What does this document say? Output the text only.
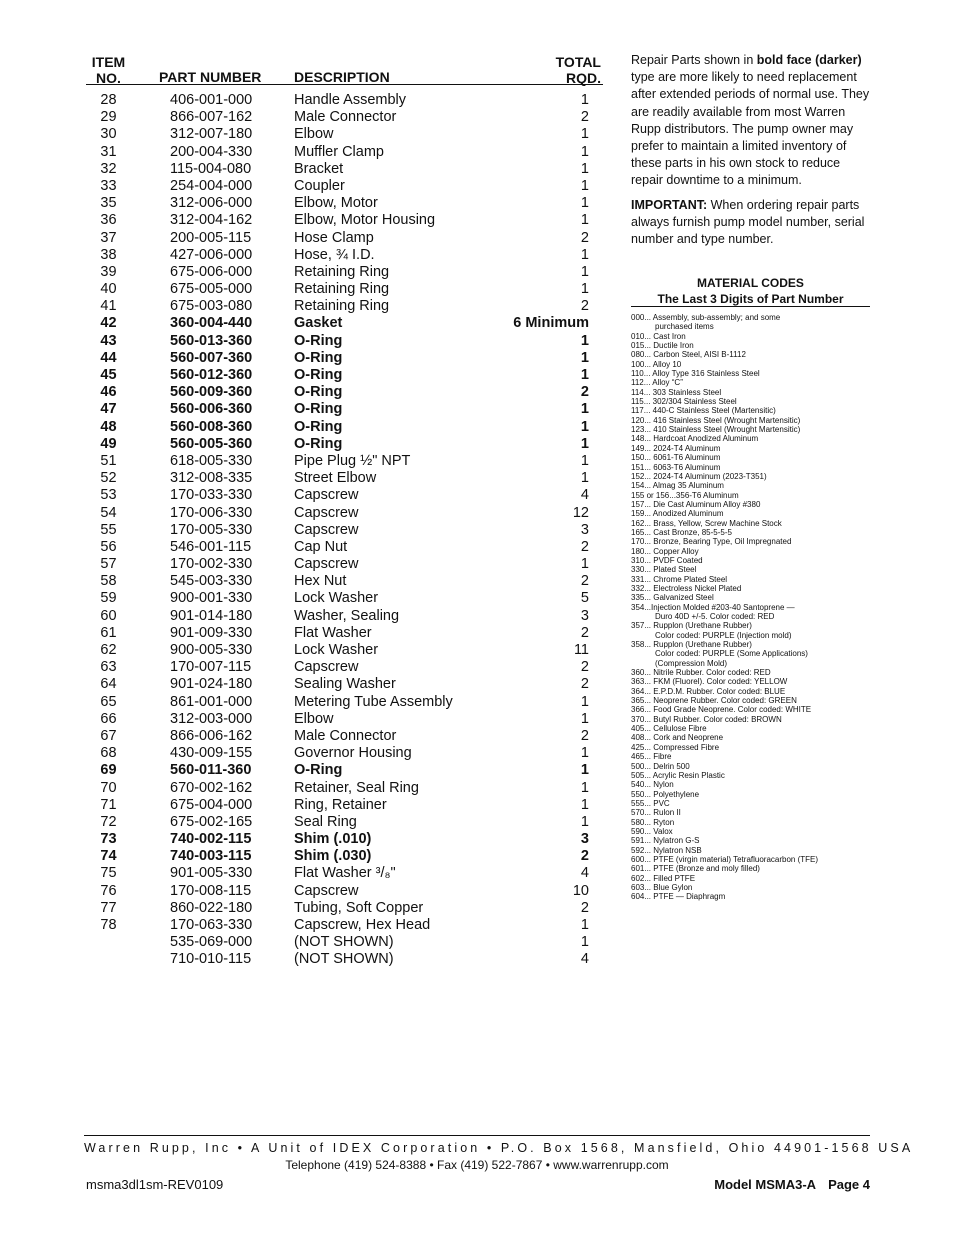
ITEM
NO.	PART NUMBER DESCRIPTION
TOTAL
RQD.
28	406-001-000	Handle Assembly	1
29	866-007-162	Male Connector	2
30	312-007-180	Elbow	1
31	200-004-330	Muffler Clamp	1
32	115-004-080	Bracket	1
33	254-004-000	Coupler	1
35	312-006-000	Elbow, Motor	1
36	312-004-162	Elbow, Motor Housing	1
37	200-005-115	Hose Clamp	2
38	427-006-000	Hose, ¾ I.D.	1
39	675-006-000	Retaining Ring	1
40	675-005-000	Retaining Ring	1
41	675-003-080	Retaining Ring	2
42	360-004-440	Gasket	6 Minimum
43	560-013-360	O-Ring	1
44	560-007-360	O-Ring	1
45	560-012-360	O-Ring	1
46	560-009-360	O-Ring	2
47	560-006-360	O-Ring	1
48	560-008-360	O-Ring	1
49	560-005-360	O-Ring	1
51	618-005-330	Pipe Plug ½" NPT	1
52	312-008-335	Street Elbow	1
53	170-033-330	Capscrew	4
54	170-006-330	Capscrew	12
55	170-005-330	Capscrew	3
56	546-001-115	Cap Nut	2
57	170-002-330	Capscrew	1
58	545-003-330	Hex Nut	2
59	900-001-330	Lock Washer	5
60	901-014-180	Washer, Sealing	3
61	901-009-330	Flat Washer	2
62	900-005-330	Lock Washer	11
63	170-007-115	Capscrew	2
64	901-024-180	Sealing Washer	2
65	861-001-000	Metering Tube Assembly	1
66	312-003-000	Elbow	1
67	866-006-162	Male Connector	2
68	430-009-155	Governor Housing	1
69	560-011-360	O-Ring	1
70	670-002-162	Retainer, Seal Ring	1
71	675-004-000	Ring, Retainer	1
72	675-002-165	Seal Ring	1
73	740-002-115	Shim (.010)	3
74	740-003-115	Shim (.030)	2
75	901-005-330	Flat Washer ³/₈"	4
76	170-008-115	Capscrew	10
77	860-022-180	Tubing, Soft Copper	2
78	170-063-330	Capscrew, Hex Head	1
535-069-000	(NOT SHOWN)	1
710-010-115	(NOT SHOWN)	4

Repair Parts shown in bold face (darker) type are more likely to need replacement after extended periods of normal use. They are readily available from most Warren Rupp distributors. The pump owner may prefer to maintain a limited inventory of these parts in his own stock to reduce repair downtime to a minimum.

IMPORTANT: When ordering repair parts always furnish pump model number, serial number and type number.

MATERIAL CODES
The Last 3 Digits of Part Number
000... Assembly, sub-assembly; and some
purchased items
010... Cast Iron
015... Ductile Iron
080... Carbon Steel, AISI B-1112
100... Alloy 10
110... Alloy Type 316 Stainless Steel
112... Alloy “C”
114... 303 Stainless Steel
115... 302/304 Stainless Steel
117... 440-C Stainless Steel (Martensitic)
120... 416 Stainless Steel (Wrought Martensitic)
123... 410 Stainless Steel (Wrought Martensitic)
148... Hardcoat Anodized Aluminum
149... 2024-T4 Aluminum
150... 6061-T6 Aluminum
151... 6063-T6 Aluminum
152... 2024-T4 Aluminum (2023-T351)
154... Almag 35 Aluminum
155 or 156...356-T6 Aluminum
157... Die Cast Aluminum Alloy #380
159... Anodized Aluminum
162... Brass, Yellow, Screw Machine Stock
165... Cast Bronze, 85-5-5-5
170... Bronze, Bearing Type, Oil Impregnated
180... Copper Alloy
310... PVDF Coated
330... Plated Steel
331... Chrome Plated Steel
332... Electroless Nickel Plated
335... Galvanized Steel
354...Injection Molded #203-40 Santoprene —
Duro 40D +/-5. Color coded: RED
357... Rupplon (Urethane Rubber)
Color coded: PURPLE (Injection mold)
358... Rupplon (Urethane Rubber)
Color coded: PURPLE (Some Applications)
(Compression Mold)
360... Nitrile Rubber. Color coded: RED
363... FKM (Fluorel). Color coded: YELLOW
364... E.P.D.M. Rubber. Color coded: BLUE
365... Neoprene Rubber. Color coded: GREEN
366... Food Grade Neoprene. Color coded: WHITE
370... Butyl Rubber. Color coded: BROWN
405... Cellulose Fibre
408... Cork and Neoprene
425... Compressed Fibre
465... Fibre
500... Delrin 500
505... Acrylic Resin Plastic
540... Nylon
550... Polyethylene
555... PVC
570... Rulon II
580... Ryton
590... Valox
591... Nylatron G-S
592... Nylatron NSB
600... PTFE (virgin material) Tetrafluoracarbon (TFE)
601... PTFE (Bronze and moly filled)
602... Filled PTFE
603... Blue Gylon
604... PTFE — Diaphragm
Warren Rupp, Inc • A Unit of IDEX Corporation • P.O. Box 1568, Mansfield, Ohio 44901-1568 USA
Telephone (419) 524-8388 • Fax (419) 522-7867 • www.warrenrupp.com
msma3dl1sm-REV0109	Model MSMA3-A Page 4
